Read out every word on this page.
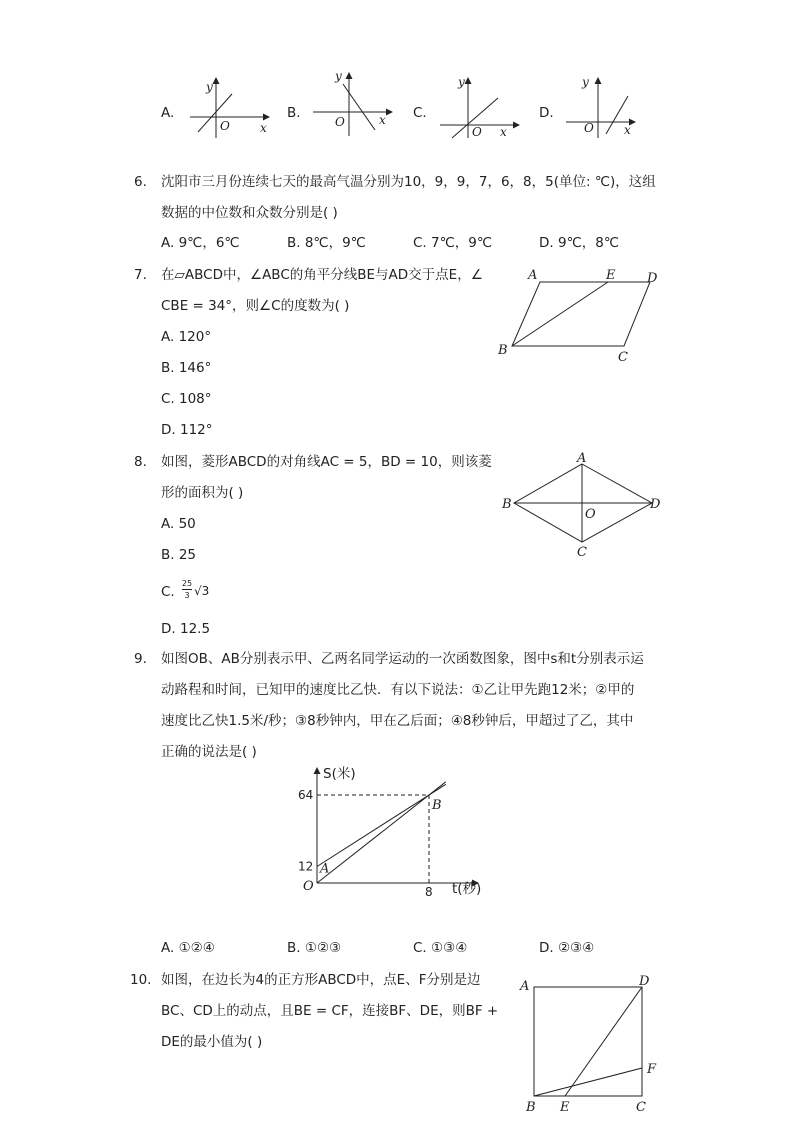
A.
y
O	x
B.
y
O	x C.
y
O x
D.
y
O	x
6. 沈阳市三月份连续七天的最高气温分别为10，9，9，7，6，8，5(单位: ℃)，这组
数据的中位数和众数分别是( )
A. 9℃，6℃	B. 8℃，9℃	C. 7℃，9℃	D. 9℃，8℃
7. 在▱ABCD中，∠ABC的角平分线BE与AD交于点E，∠
CBE = 34°，则∠C的度数为( )
A. 120°
B. 146°
C. 108°
D. 112°
A	E D
B	C
8. 如图，菱形ABCD的对角线AC = 5，BD = 10，则该菱
形的面积为( )
A. 50
B. 25
C.
25
3 √3
D. 12.5
A
B
C
D
O
9. 如图OB、AB分别表示甲、乙两名同学运动的一次函数图象，图中s和t分别表示运
动路程和时间，已知甲的速度比乙快．有以下说法：①乙让甲先跑12米；②甲的
速度比乙快1.5米/秒；③8秒钟内，甲在乙后面；④8秒钟后，甲超过了乙，其中
正确的说法是( )
12
64
8
O
A
B
S(米)
t(秒)
A. ①②④	B. ①②③	C. ①③④	D. ②③④
10. 如图，在边长为4的正方形ABCD中，点E、F分别是边
BC、CD上的动点，且BE = CF，连接BF、DE，则BF +
DE的最小值为( )
A	D
F
B E	C
